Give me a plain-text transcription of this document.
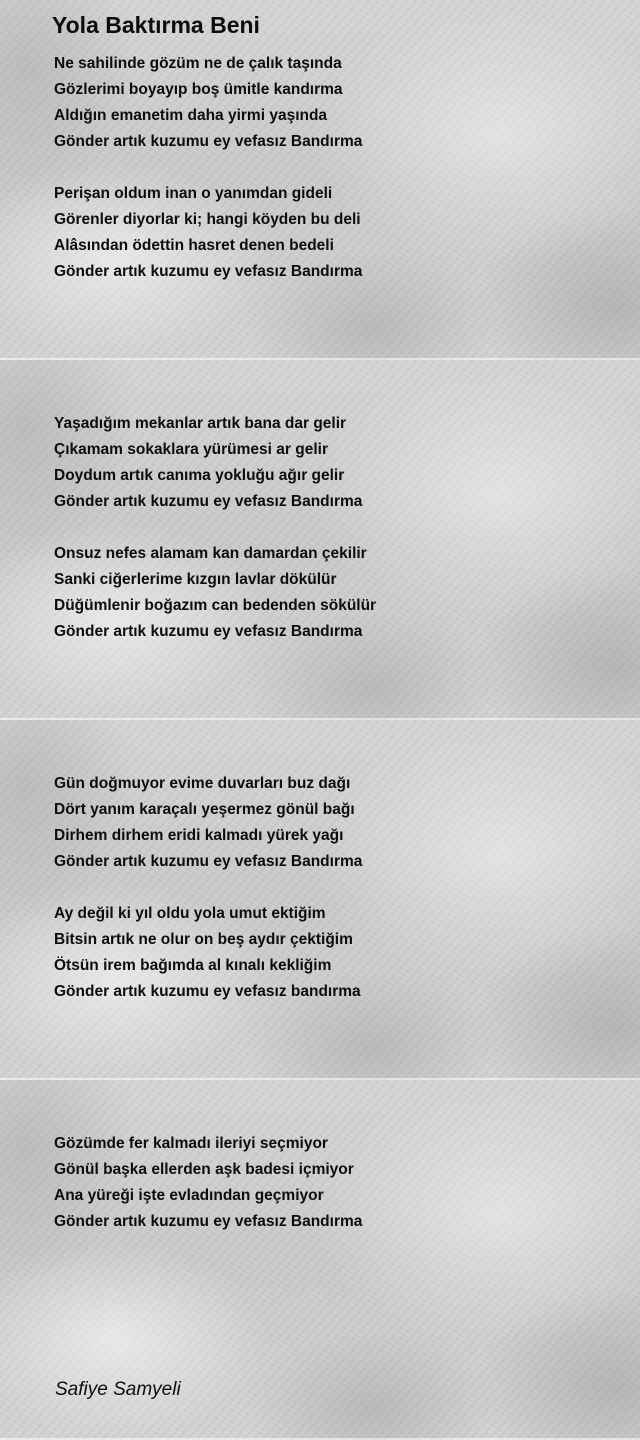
Yola Baktırma Beni
Ne sahilinde gözüm ne de çalık taşında
Gözlerimi boyayıp boş ümitle kandırma
Aldığın emanetim daha yirmi yaşında
Gönder artık kuzumu ey vefasız Bandırma
Perişan oldum inan o yanımdan gideli
Görenler diyorlar ki; hangi köyden bu deli
Alâsından ödettin hasret denen bedeli
Gönder artık kuzumu ey vefasız Bandırma
Yaşadığım mekanlar artık bana dar gelir
Çıkamam sokaklara yürümesi ar gelir
Doydum artık canıma yokluğu ağır gelir
Gönder artık kuzumu ey vefasız Bandırma
Onsuz nefes alamam kan damardan çekilir
Sanki ciğerlerime kızgın lavlar dökülür
Düğümlenir boğazım can bedenden sökülür
Gönder artık kuzumu ey vefasız Bandırma
Gün doğmuyor evime duvarları buz dağı
Dört yanım karaçalı yeşermez gönül bağı
Dirhem dirhem eridi kalmadı yürek yağı
Gönder artık kuzumu ey vefasız Bandırma
Ay değil ki yıl oldu yola umut ektiğim
Bitsin artık ne olur on beş aydır çektiğim
Ötsün irem bağımda al kınalı kekliğim
Gönder artık kuzumu ey vefasız bandırma
Gözümde fer kalmadı ileriyi seçmiyor
Gönül başka ellerden aşk badesi içmiyor
Ana yüreği işte evladından geçmiyor
Gönder artık kuzumu ey vefasız Bandırma

Safiye Samyeli
